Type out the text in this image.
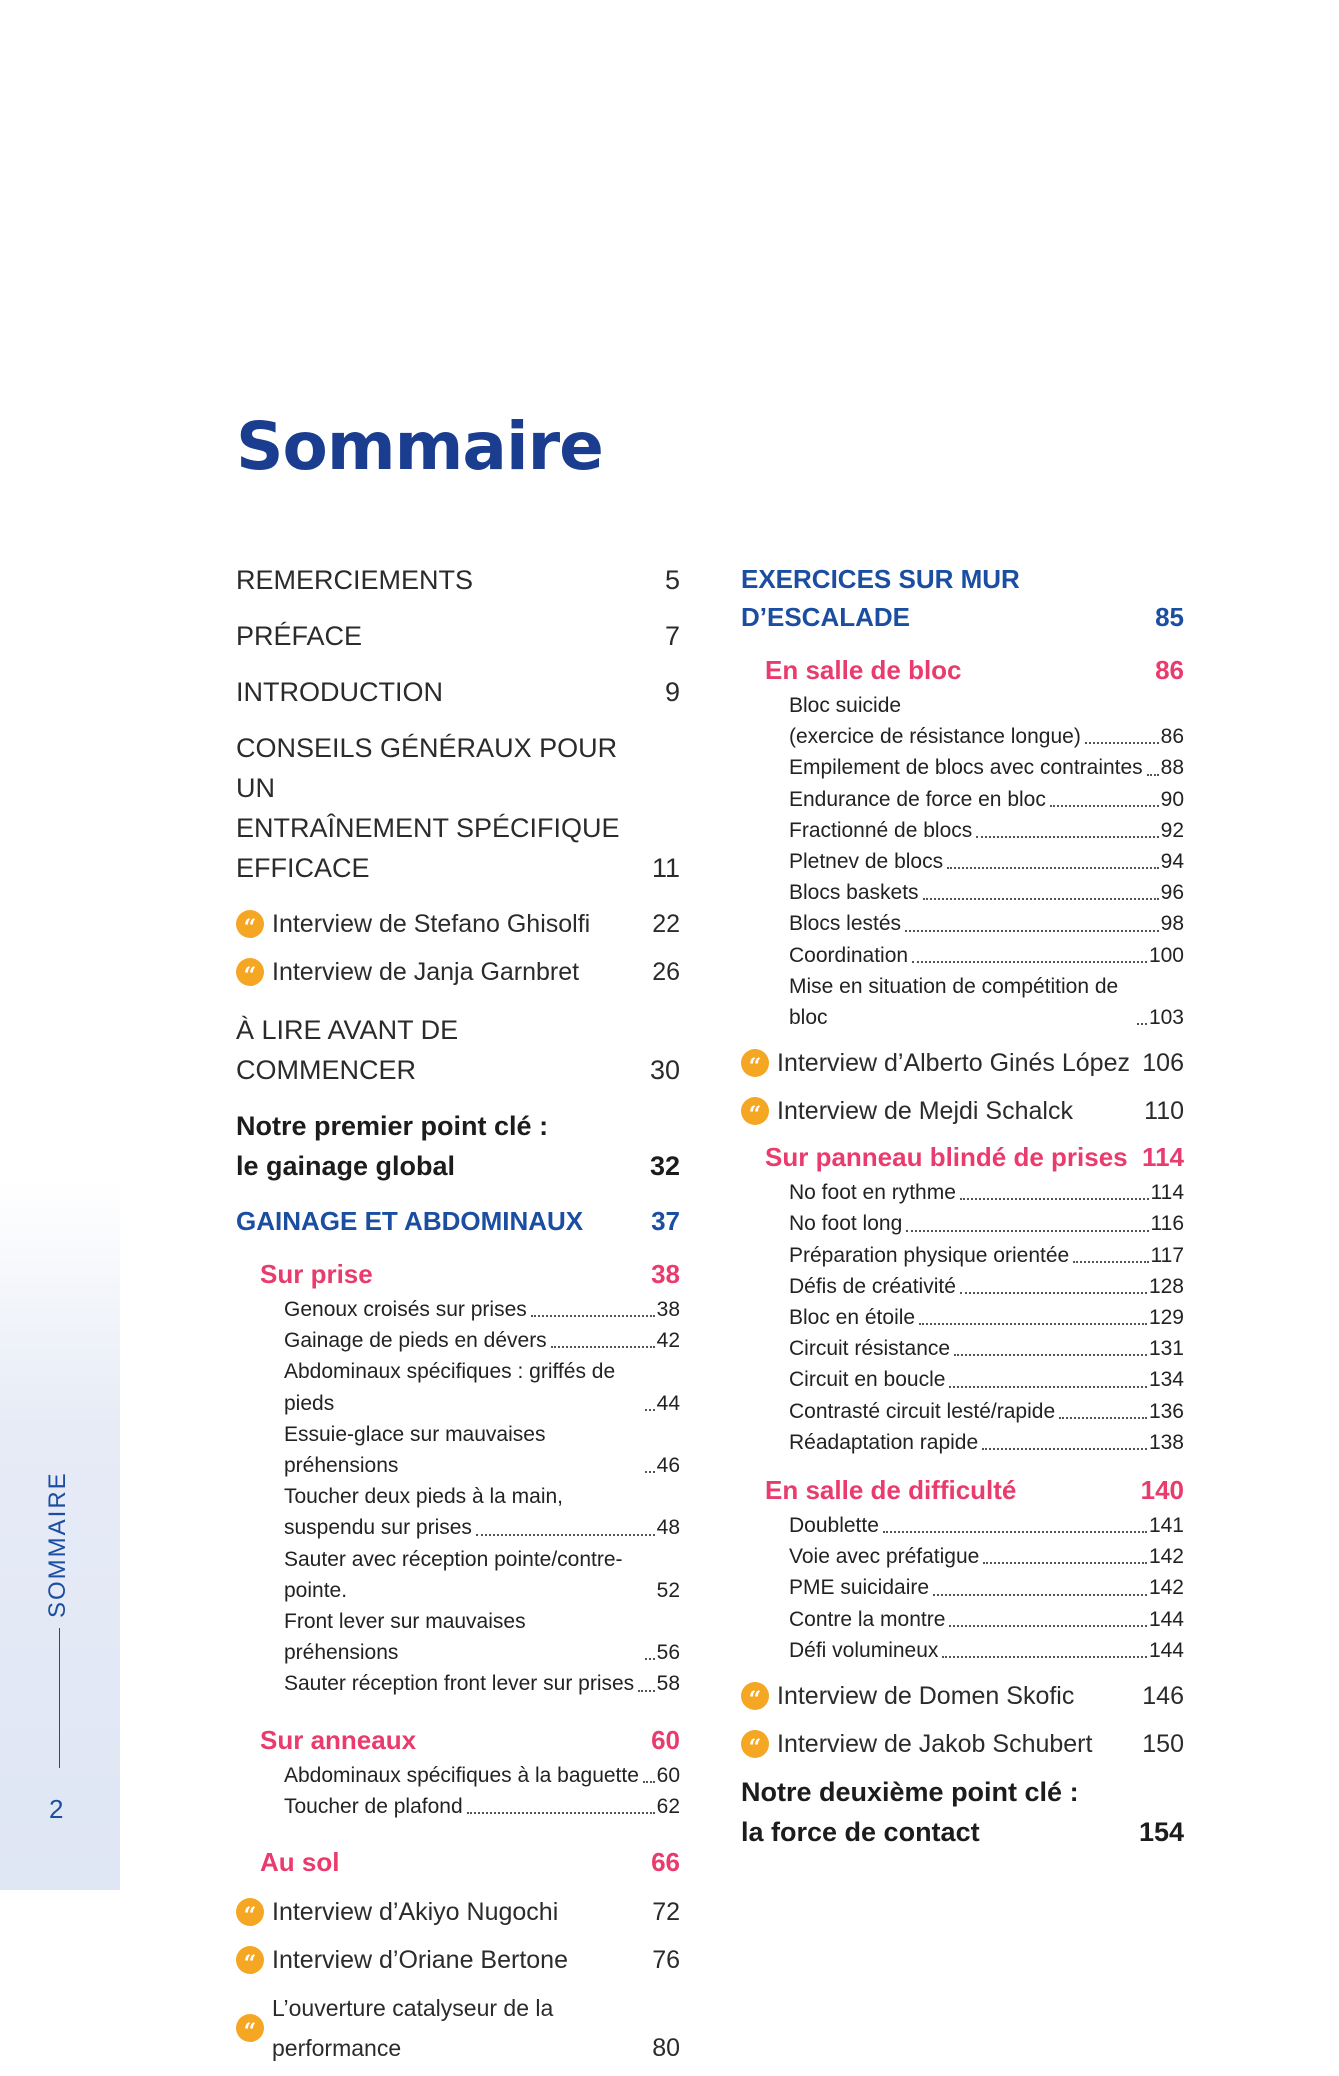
SOMMAIRE
2
Sommaire
REMERCIEMENTS	5
PRÉFACE	7
INTRODUCTION	9
CONSEILS GÉNÉRAUX POUR UN
ENTRAÎNEMENT SPÉCIFIQUE EFFICACE	11
“ Interview de Stefano Ghisolfi	22
“ Interview de Janja Garnbret	26
À LIRE AVANT DE COMMENCER	30
Notre premier point clé :
le gainage global	32
GAINAGE ET ABDOMINAUX	37
Sur prise	38
Genoux croisés sur prises	38
Gainage de pieds en dévers	42
Abdominaux spécifiques : griffés de pieds	44
Essuie-glace sur mauvaises préhensions	46
Toucher deux pieds à la main,
suspendu sur prises	48
Sauter avec réception pointe/contre-pointe.	52
Front lever sur mauvaises préhensions	56
Sauter réception front lever sur prises 58
Sur anneaux	60
Abdominaux spécifiques à la baguette 60
Toucher de plafond	62
Au sol	66
“ Interview d’Akiyo Nugochi	72
“ Interview d’Oriane Bertone	76
“
L’ouverture catalyseur de la performance	80
EXERCICES SUR MUR D’ESCALADE	85
En salle de bloc	86
Bloc suicide
(exercice de résistance longue)	86
Empilement de blocs avec contraintes 88
Endurance de force en bloc	90
Fractionné de blocs	92
Pletnev de blocs	94
Blocs baskets	96
Blocs lestés	98
Coordination	100
Mise en situation de compétition de bloc	103
“ Interview d’Alberto Ginés López 106
“ Interview de Mejdi Schalck	110
Sur panneau blindé de prises 114
No foot en rythme	114
No foot long	116
Préparation physique orientée	117
Défis de créativité	128
Bloc en étoile	129
Circuit résistance	131
Circuit en boucle	134
Contrasté circuit lesté/rapide	136
Réadaptation rapide	138
En salle de difficulté	140
Doublette	141
Voie avec préfatigue	142
PME suicidaire	142
Contre la montre	144
Défi volumineux	144
“ Interview de Domen Skofic	146
“ Interview de Jakob Schubert 150
Notre deuxième point clé :
la force de contact	154
